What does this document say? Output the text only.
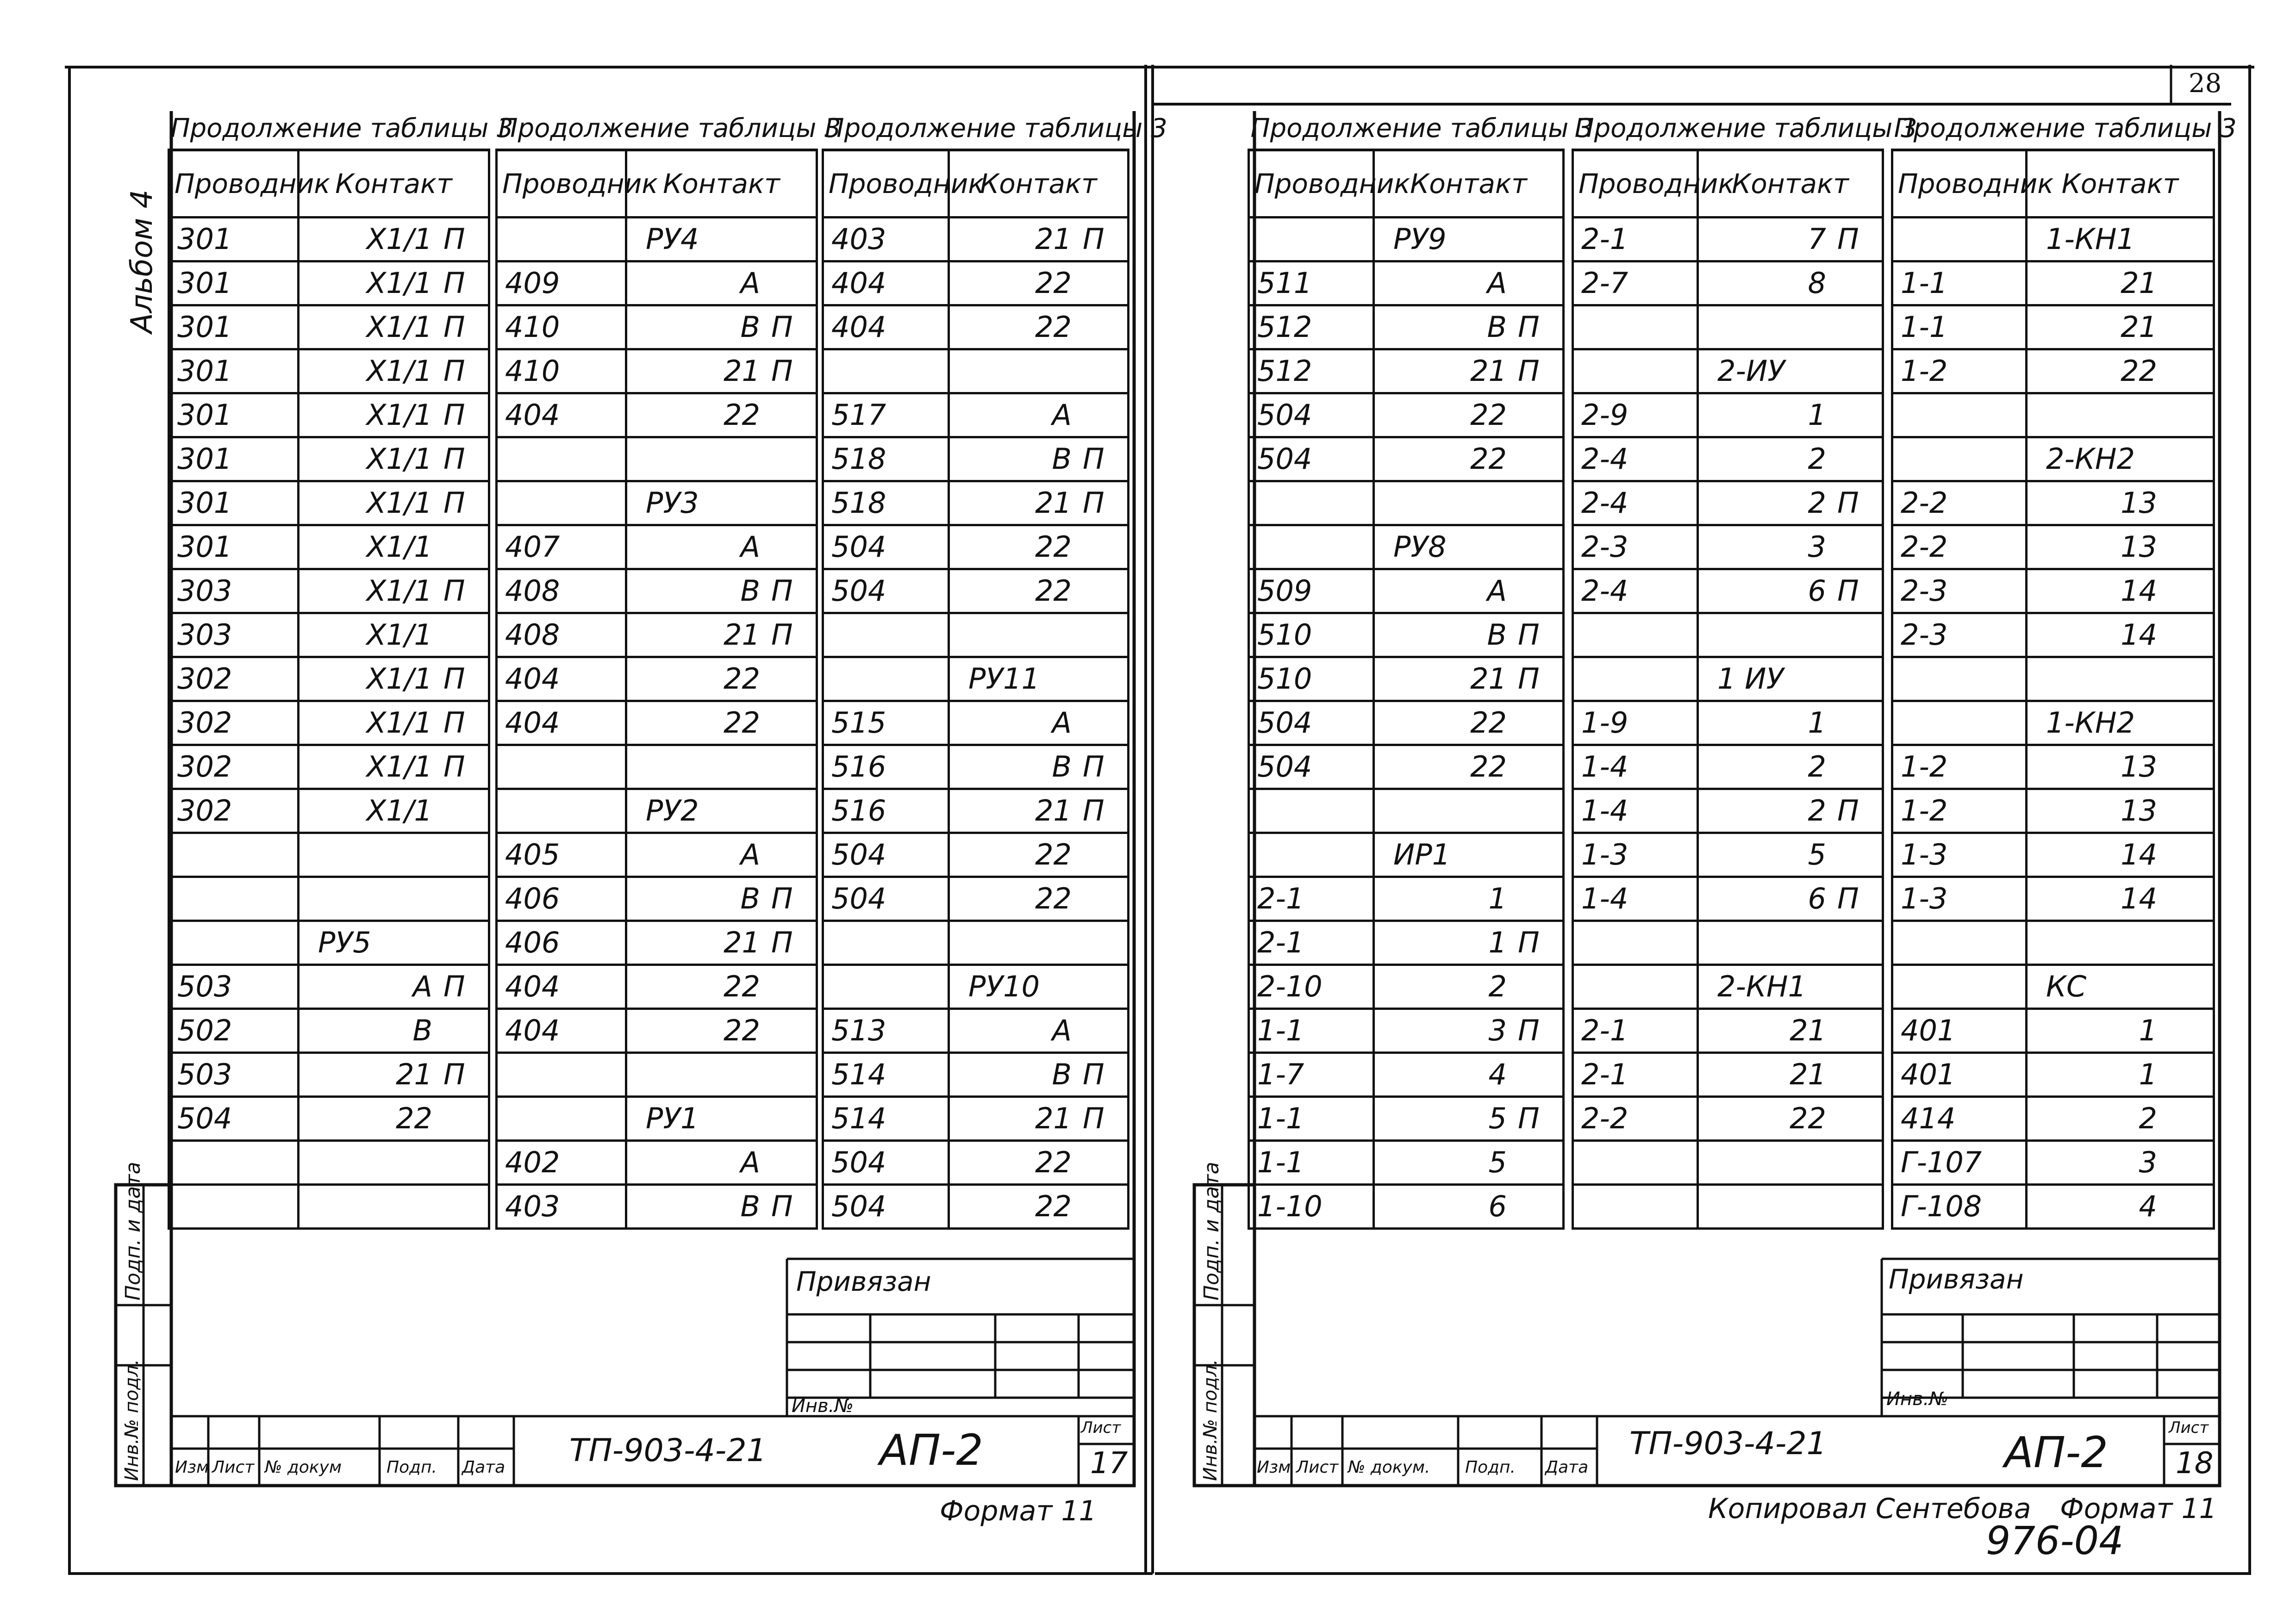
28
Альбом 4
Продолжение таблицы 3	
Проводник	Контакт
301	X1/1 П
301	X1/1 П
301	X1/1 П
301	X1/1 П
301	X1/1 П
301	X1/1 П
301	X1/1 П
301	X1/1
303	X1/1 П
303	X1/1
302	X1/1 П
302	X1/1 П
302	X1/1 П
302	X1/1

	РУ5
503	А П
502	В
503	21 П
504	22

Продолжение таблицы 3	
Проводник	Контакт
	РУ4
409	А
410	В П
410	21 П
404	22

	РУ3
407	А
408	В П
408	21 П
404	22
404	22

	РУ2
405	А
406	В П
406	21 П
404	22
404	22

	РУ1
402	А
403	В П
Продолжение таблицы 3	
Проводник	Контакт
403	21 П
404	22
404	22

517	А
518	В П
518	21 П
504	22
504	22

	РУ11
515	А
516	В П
516	21 П
504	22
504	22

	РУ10
513	А
514	В П
514	21 П
504	22
504	22
Продолжение таблицы 3	
Проводник	Контакт
	РУ9
511	А
512	В П
512	21 П
504	22
504	22

	РУ8
509	А
510	В П
510	21 П
504	22
504	22

	ИР1
2-1	1
2-1	1 П
2-10	2
1-1	3 П
1-7	4
1-1	5 П
1-1	5
1-10	6
Продолжение таблицы 3	
Проводник	Контакт
2-1	7 П
2-7	8

	2-ИУ
2-9	1
2-4	2
2-4	2 П
2-3	3
2-4	6 П

	1 ИУ
1-9	1
1-4	2
1-4	2 П
1-3	5
1-4	6 П

	2-КН1
2-1	21
2-1	21
2-2	22

Продолжение таблицы 3	
Проводник	Контакт
	1-КН1
1-1	21
1-1	21
1-2	22

	2-КН2
2-2	13
2-2	13
2-3	14
2-3	14

	1-КН2
1-2	13
1-2	13
1-3	14
1-3	14

	КС
401	1
401	1
414	2
Г-107	3
Г-108	4
Подп. и дата
Инв.№ подл.
Привязан
Инв.№
ТП-903-4-21	АП-2	Лист
17
Изм Лист № докум	Подп. Дата
Формат 11
Подп. и дата
Инв.№ подл.
Привязан
Инв.№
ТП-903-4-21	АП-2	Лист
18
Изм Лист № докум. Подп. Дата
Копировал Сентебова Формат 11
976-04
